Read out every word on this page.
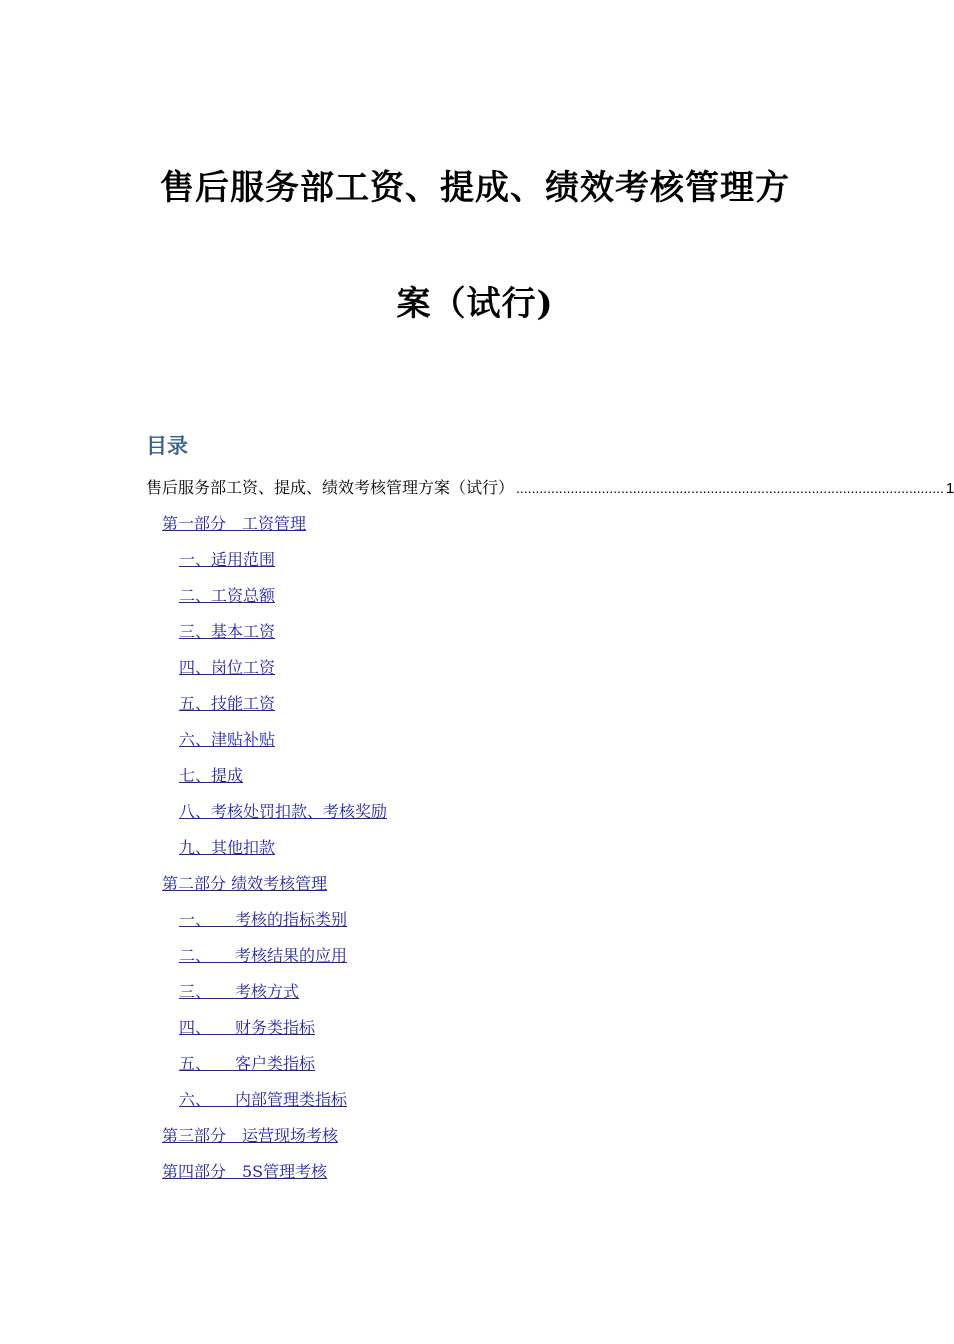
售后服务部工资、提成、绩效考核管理方
案（试行)
目录
售后服务部工资、提成、绩效考核管理方案（试行） .............................................................................................................. 1
第一部分　工资管理
一、适用范围
二、工资总额
三、基本工资
四、岗位工资
五、技能工资
六、津贴补贴
七、提成
八、考核处罚扣款、考核奖励
九、其他扣款
第二部分 绩效考核管理
一、　　考核的指标类别
二、　　考核结果的应用
三、　　考核方式
四、　　财务类指标
五、　　客户类指标
六、　　内部管理类指标
第三部分　运营现场考核
第四部分　5S管理考核
